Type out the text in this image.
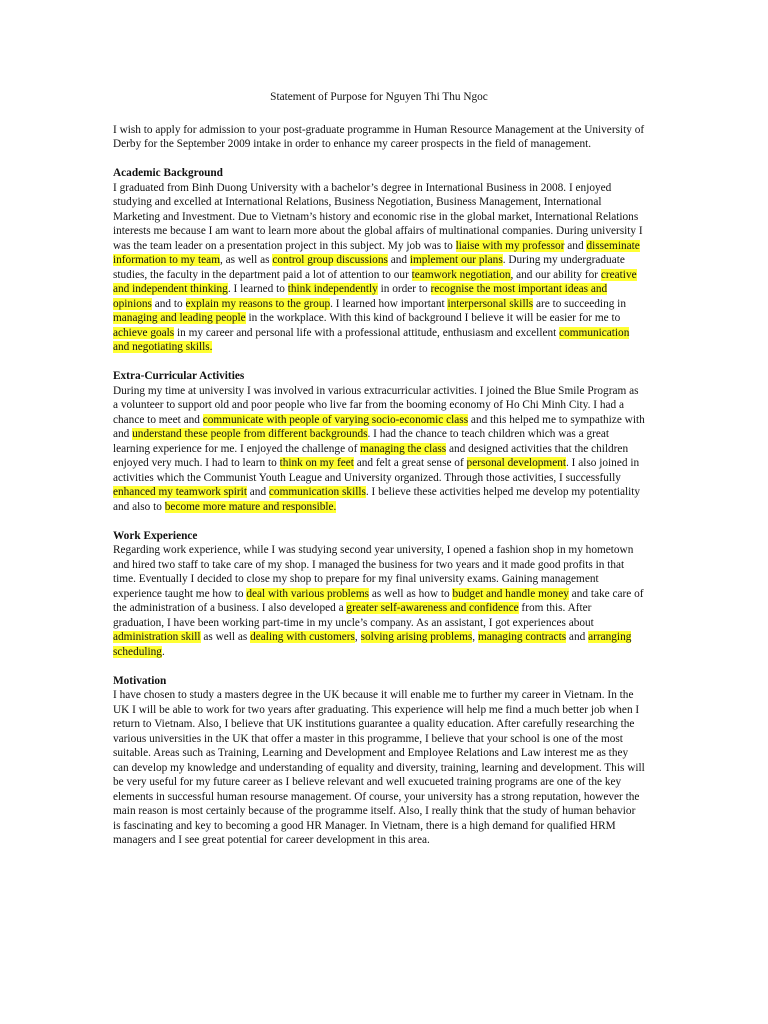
Statement of Purpose for Nguyen Thi Thu Ngoc

I wish to apply for admission to your post-graduate programme in Human Resource Management at the University of Derby for the September 2009 intake in order to enhance my career prospects in the field of management.

Academic Background

I graduated from Binh Duong University with a bachelor’s degree in International Business in 2008. I enjoyed studying and excelled at International Relations, Business Negotiation, Business Management, International Marketing and Investment. Due to Vietnam’s history and economic rise in the global market, International Relations interests me because I am want to learn more about the global affairs of multinational companies. During university I was the team leader on a presentation project in this subject. My job was to liaise with my professor and disseminate information to my team, as well as control group discussions and implement our plans. During my undergraduate studies, the faculty in the department paid a lot of attention to our teamwork negotiation, and our ability for creative and independent thinking. I learned to think independently in order to recognise the most important ideas and opinions and to explain my reasons to the group. I learned how important interpersonal skills are to succeeding in managing and leading people in the workplace. With this kind of background I believe it will be easier for me to achieve goals in my career and personal life with a professional attitude, enthusiasm and excellent communication and negotiating skills.

Extra-Curricular Activities

During my time at university I was involved in various extracurricular activities. I joined the Blue Smile Program as a volunteer to support old and poor people who live far from the booming economy of Ho Chi Minh City. I had a chance to meet and communicate with people of varying socio-economic class and this helped me to sympathize with and understand these people from different backgrounds. I had the chance to teach children which was a great learning experience for me. I enjoyed the challenge of managing the class and designed activities that the children enjoyed very much. I had to learn to think on my feet and felt a great sense of personal development. I also joined in activities which the Communist Youth League and University organized. Through those activities, I successfully enhanced my teamwork spirit and communication skills. I believe these activities helped me develop my potentiality and also to become more mature and responsible.

Work Experience

Regarding work experience, while I was studying second year university, I opened a fashion shop in my hometown and hired two staff to take care of my shop. I managed the business for two years and it made good profits in that time. Eventually I decided to close my shop to prepare for my final university exams. Gaining management experience taught me how to deal with various problems as well as how to budget and handle money and take care of the administration of a business. I also developed a greater self-awareness and confidence from this. After graduation, I have been working part-time in my uncle’s company. As an assistant, I got experiences about administration skill as well as dealing with customers, solving arising problems, managing contracts and arranging scheduling.

Motivation

I have chosen to study a masters degree in the UK because it will enable me to further my career in Vietnam. In the UK I will be able to work for two years after graduating. This experience will help me find a much better job when I return to Vietnam. Also, I believe that UK institutions guarantee a quality education. After carefully researching the various universities in the UK that offer a master in this programme, I believe that your school is one of the most suitable. Areas such as Training, Learning and Development and Employee Relations and Law interest me as they can develop my knowledge and understanding of equality and diversity, training, learning and development. This will be very useful for my future career as I believe relevant and well exucueted training programs are one of the key elements in successful human resourse management. Of course, your university has a strong reputation, however the main reason is most certainly because of the programme itself. Also, I really think that the study of human behavior is fascinating and key to becoming a good HR Manager. In Vietnam, there is a high demand for qualified HRM managers and I see great potential for career development in this area.
